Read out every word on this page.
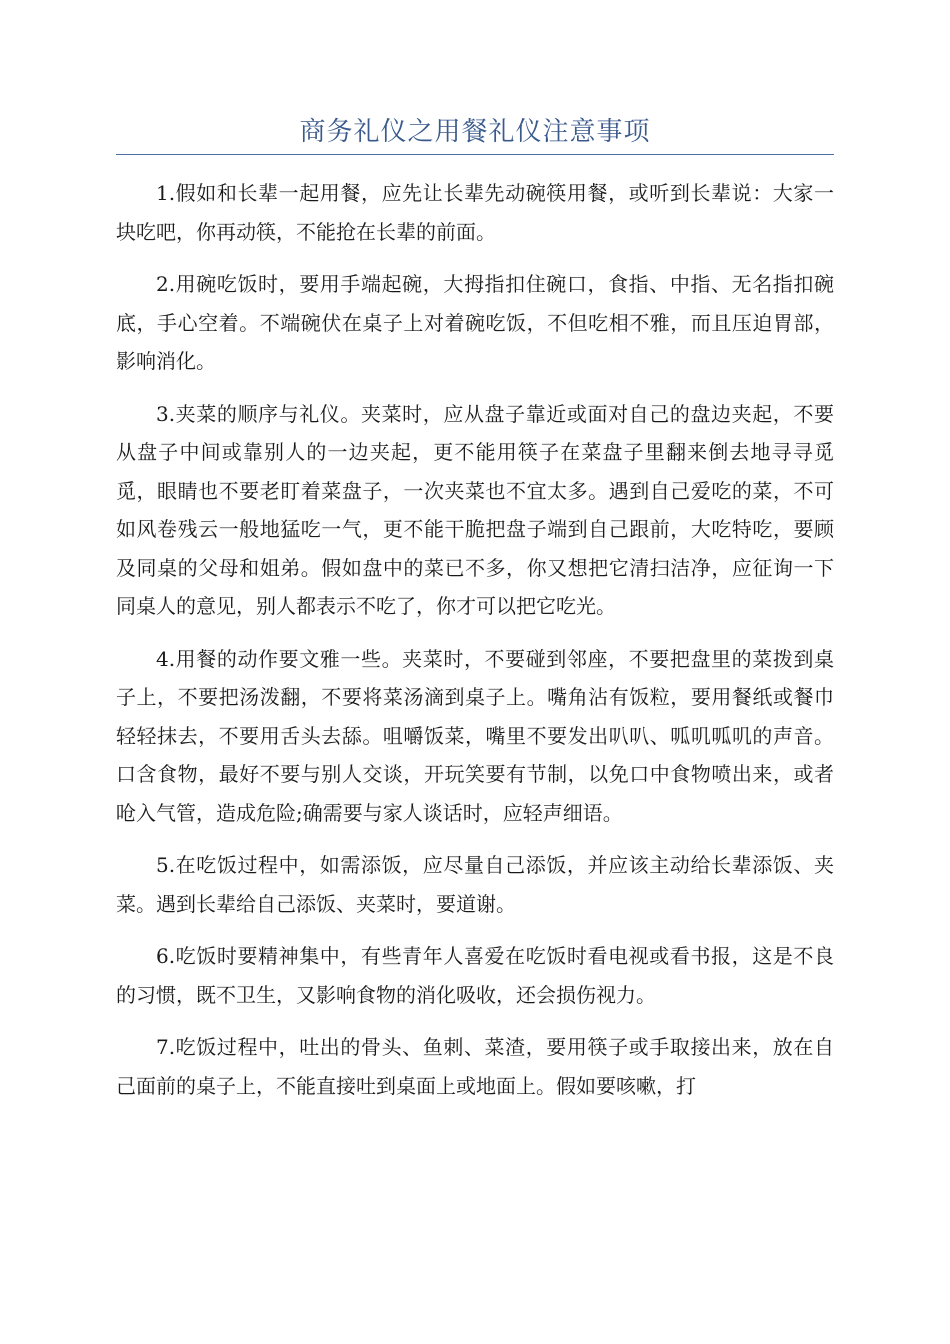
商务礼仪之用餐礼仪注意事项

1.假如和长辈一起用餐，应先让长辈先动碗筷用餐，或听到长辈说：大家一块吃吧，你再动筷，不能抢在长辈的前面。

2.用碗吃饭时，要用手端起碗，大拇指扣住碗口，食指、中指、无名指扣碗底，手心空着。不端碗伏在桌子上对着碗吃饭，不但吃相不雅，而且压迫胃部，影响消化。

3.夹菜的顺序与礼仪。夹菜时，应从盘子靠近或面对自己的盘边夹起，不要从盘子中间或靠别人的一边夹起，更不能用筷子在菜盘子里翻来倒去地寻寻觅觅，眼睛也不要老盯着菜盘子，一次夹菜也不宜太多。遇到自己爱吃的菜，不可如风卷残云一般地猛吃一气，更不能干脆把盘子端到自己跟前，大吃特吃，要顾及同桌的父母和姐弟。假如盘中的菜已不多，你又想把它清扫洁净，应征询一下同桌人的意见，别人都表示不吃了，你才可以把它吃光。

4.用餐的动作要文雅一些。夹菜时，不要碰到邻座，不要把盘里的菜拨到桌子上，不要把汤泼翻，不要将菜汤滴到桌子上。嘴角沾有饭粒，要用餐纸或餐巾轻轻抹去，不要用舌头去舔。咀嚼饭菜，嘴里不要发出叭叭、呱叽呱叽的声音。口含食物，最好不要与别人交谈，开玩笑要有节制，以免口中食物喷出来，或者呛入气管，造成危险;确需要与家人谈话时，应轻声细语。

5.在吃饭过程中，如需添饭，应尽量自己添饭，并应该主动给长辈添饭、夹菜。遇到长辈给自己添饭、夹菜时，要道谢。

6.吃饭时要精神集中，有些青年人喜爱在吃饭时看电视或看书报，这是不良的习惯，既不卫生，又影响食物的消化吸收，还会损伤视力。

7.吃饭过程中，吐出的骨头、鱼刺、菜渣，要用筷子或手取接出来，放在自己面前的桌子上，不能直接吐到桌面上或地面上。假如要咳嗽，打
